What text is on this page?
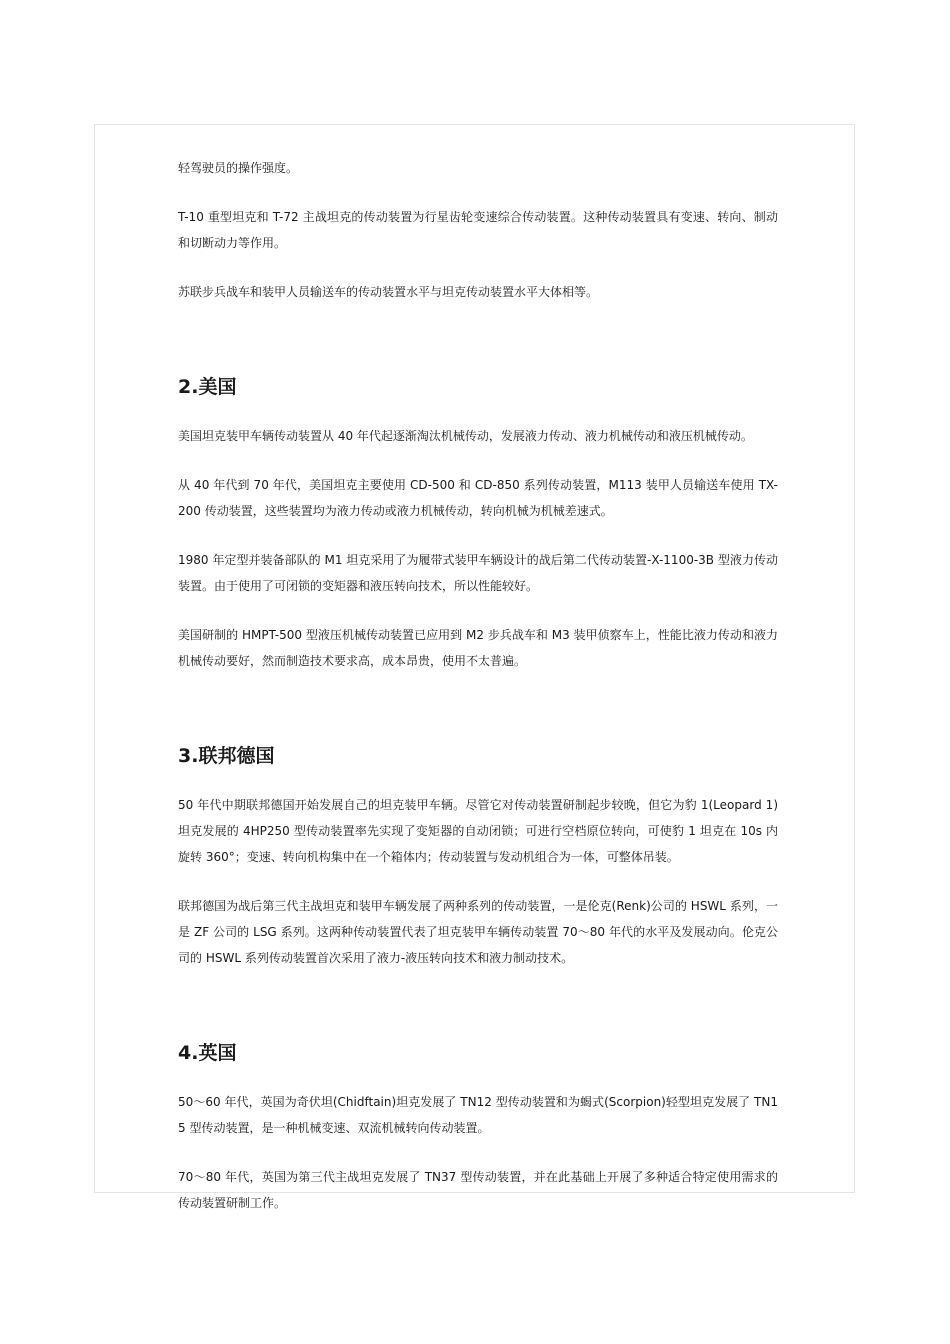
轻驾驶员的操作强度。

T-10 重型坦克和 T-72 主战坦克的传动装置为行星齿轮变速综合传动装置。这种传动装置具有变速、转向、制动和切断动力等作用。

苏联步兵战车和装甲人员输送车的传动装置水平与坦克传动装置水平大体相等。

2.美国

美国坦克装甲车辆传动装置从 40 年代起逐渐淘汰机械传动，发展液力传动、液力机械传动和液压机械传动。

从 40 年代到 70 年代，美国坦克主要使用 CD-500 和 CD-850 系列传动装置，M113 装甲人员输送车使用 TX-200 传动装置，这些装置均为液力传动或液力机械传动，转向机械为机械差速式。

1980 年定型并装备部队的 M1 坦克采用了为履带式装甲车辆设计的战后第二代传动装置-X-1100-3B 型液力传动装置。由于使用了可闭锁的变矩器和液压转向技术，所以性能较好。

美国研制的 HMPT-500 型液压机械传动装置已应用到 M2 步兵战车和 M3 装甲侦察车上，性能比液力传动和液力机械传动要好，然而制造技术要求高，成本昂贵，使用不太普遍。

3.联邦德国

50 年代中期联邦德国开始发展自己的坦克装甲车辆。尽管它对传动装置研制起步较晚，但它为豹 1(Leopard 1)坦克发展的 4HP250 型传动装置率先实现了变矩器的自动闭锁；可进行空档原位转向，可使豹 1 坦克在 10s 内旋转 360°；变速、转向机构集中在一个箱体内；传动装置与发动机组合为一体，可整体吊装。

联邦德国为战后第三代主战坦克和装甲车辆发展了两种系列的传动装置，一是伦克(Renk)公司的 HSWL 系列，一是 ZF 公司的 LSG 系列。这两种传动装置代表了坦克装甲车辆传动装置 70～80 年代的水平及发展动向。伦克公司的 HSWL 系列传动装置首次采用了液力-液压转向技术和液力制动技术。

4.英国

50～60 年代，英国为奇伏坦(Chidftain)坦克发展了 TN12 型传动装置和为蝎式(Scorpion)轻型坦克发展了 TN15 型传动装置，是一种机械变速、双流机械转向传动装置。

70～80 年代，英国为第三代主战坦克发展了 TN37 型传动装置，并在此基础上开展了多种适合特定使用需求的传动装置研制工作。
